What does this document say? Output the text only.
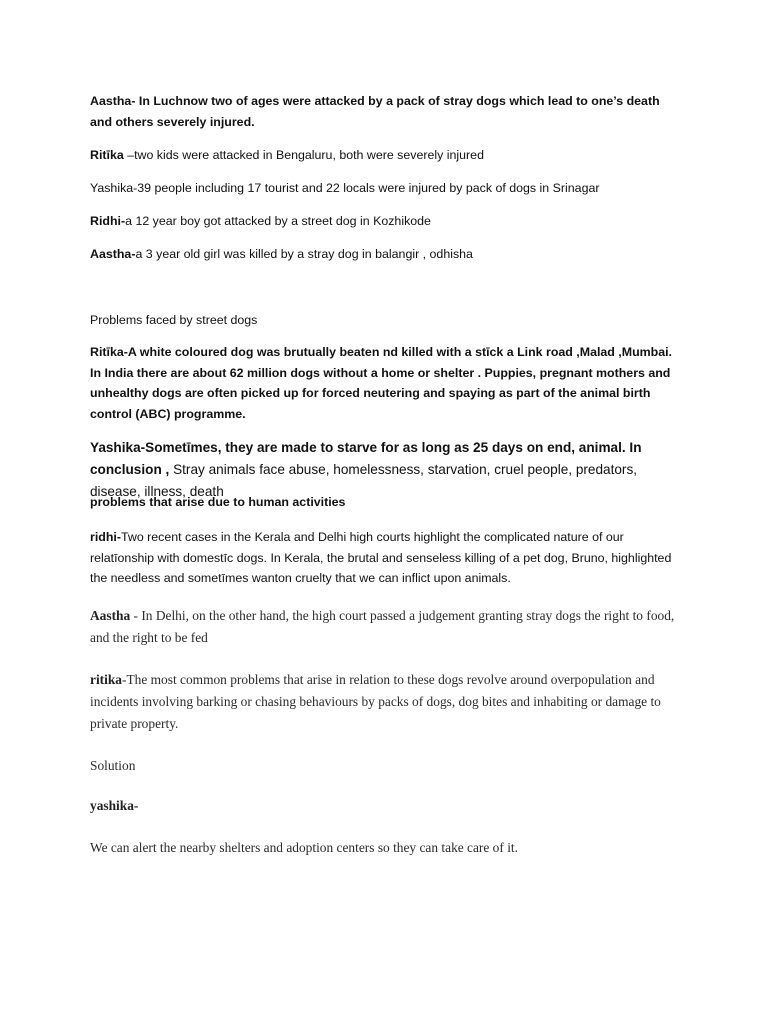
Aastha- In Luchnow two of ages were attacked by a pack of stray dogs which lead to one’s death and others severely injured.

Ritīka –two kids were attacked in Bengaluru, both were severely injured

Yashika-39 people including 17 tourist and 22 locals were injured by pack of dogs in Srinagar

Ridhi-a 12 year boy got attacked by a street dog in Kozhikode

Aastha-a 3 year old girl was killed by a stray dog in balangir , odhisha

Problems faced by street dogs

Ritīka-A white coloured dog was brutually beaten nd killed with a stīck a Link road ,Malad ,Mumbai. In India there are about 62 million dogs without a home or shelter . Puppies, pregnant mothers and unhealthy dogs are often picked up for forced neutering and spaying as part of the animal birth control (ABC) programme.

Yashika-Sometīmes, they are made to starve for as long as 25 days on end, animal. In conclusion , Stray animals face abuse, homelessness, starvation, cruel people, predators, disease, illness, death

problems that arise due to human activities

ridhi-Two recent cases in the Kerala and Delhi high courts highlight the complicated nature of our relatīonship with domestīc dogs. In Kerala, the brutal and senseless killing of a pet dog, Bruno, highlighted the needless and sometīmes wanton cruelty that we can inflict upon animals.

Aastha - In Delhi, on the other hand, the high court passed a judgement granting stray dogs the right to food, and the right to be fed

ritika-The most common problems that arise in relation to these dogs revolve around overpopulation and incidents involving barking or chasing behaviours by packs of dogs, dog bites and inhabiting or damage to private property.

Solution

yashika-

We can alert the nearby shelters and adoption centers so they can take care of it.
